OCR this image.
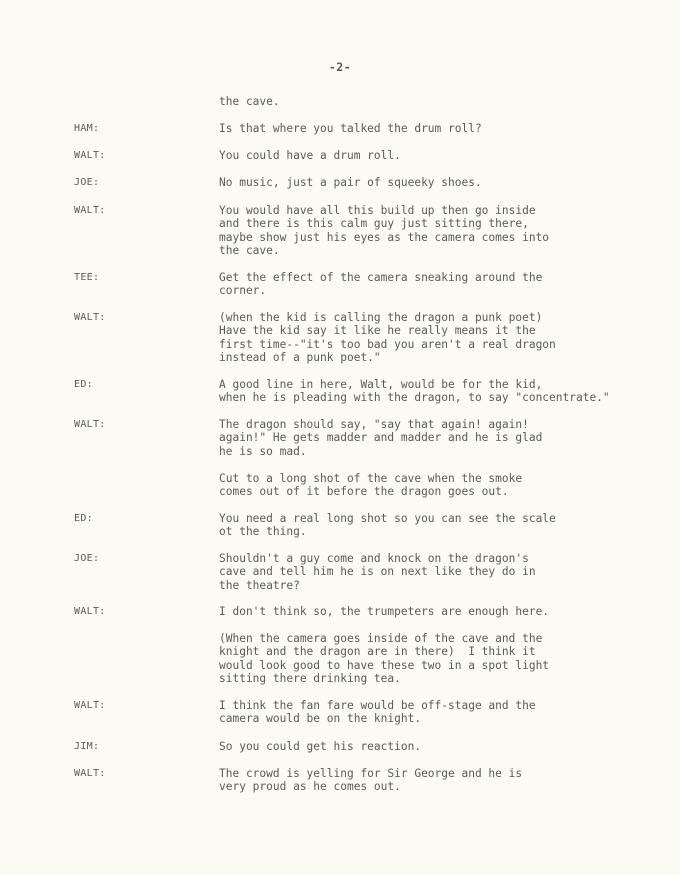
-2-
the cave.
HAM:	Is that where you talked the drum roll?
WALT:	You could have a drum roll.
JOE:	No music, just a pair of squeeky shoes.
WALT:	You would have all this build up then go inside
and there is this calm guy just sitting there,
maybe show just his eyes as the camera comes into
the cave.
TEE:	Get the effect of the camera sneaking around the
corner.
WALT:	(when the kid is calling the dragon a punk poet)
Have the kid say it like he really means it the
first time--"it's too bad you aren't a real dragon
instead of a punk poet."
ED:	A good line in here, Walt, would be for the kid,
when he is pleading with the dragon, to say "concentrate."
WALT:	The dragon should say, "say that again! again!
again!" He gets madder and madder and he is glad
he is so mad.
Cut to a long shot of the cave when the smoke
comes out of it before the dragon goes out.
ED:	You need a real long shot so you can see the scale
ot the thing.
JOE:	Shouldn't a guy come and knock on the dragon's
cave and tell him he is on next like they do in
the theatre?
WALT:	I don't think so, the trumpeters are enough here.
(When the camera goes inside of the cave and the
knight and the dragon are in there)  I think it
would look good to have these two in a spot light
sitting there drinking tea.
WALT:	I think the fan fare would be off-stage and the
camera would be on the knight.
JIM:	So you could get his reaction.
WALT:	The crowd is yelling for Sir George and he is
very proud as he comes out.
